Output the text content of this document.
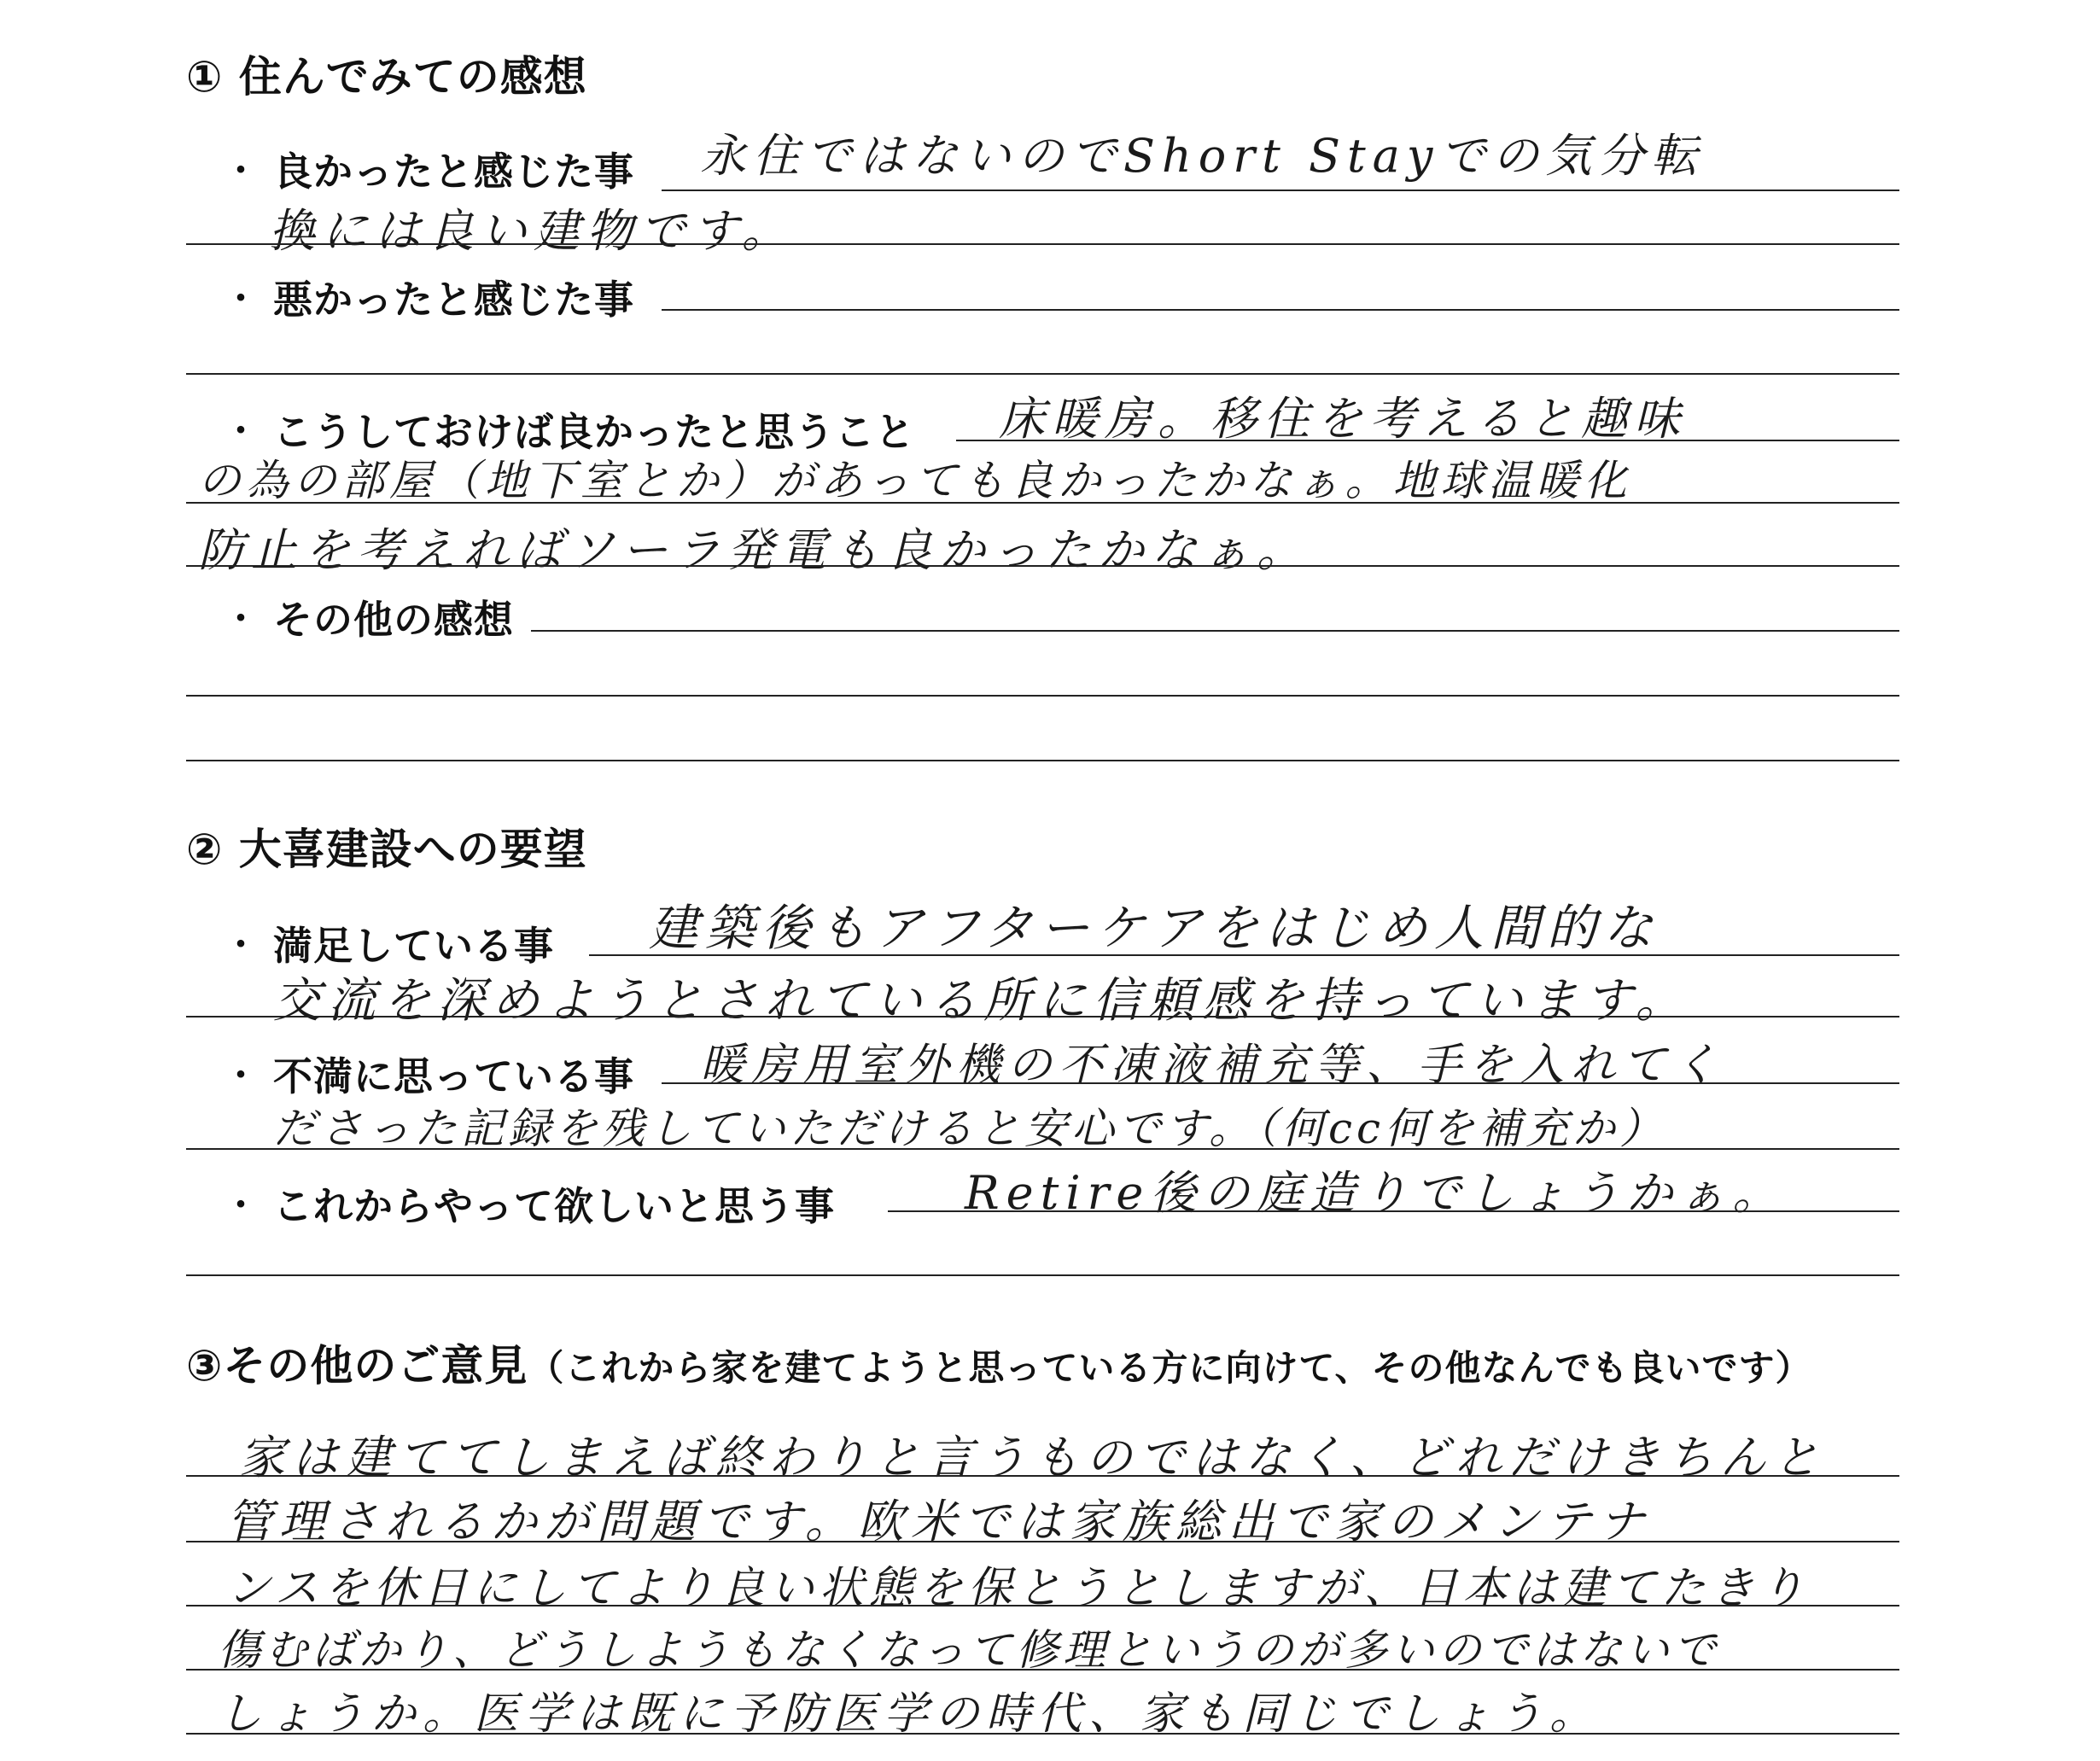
① 住んでみての感想
・ 良かったと感じた事 永住ではないのでShort Stayでの気分転
換には良い建物です。
・ 悪かったと感じた事
・ こうしておけば良かったと思うこと 床暖房。移住を考えると趣味
の為の部屋（地下室とか）があっても良かったかなぁ。地球温暖化
防止を考えればソーラ発電も良かったかなぁ。
・ その他の感想
② 大喜建設への要望
・ 満足している事 建築後もアフターケアをはじめ人間的な
交流を深めようとされている所に信頼感を持っています。
・ 不満に思っている事 暖房用室外機の不凍液補充等、手を入れてく
ださった記録を残していただけると安心です。（何cc何を補充か）
・ これからやって欲しいと思う事	Retire後の庭造りでしょうかぁ。
③その他のご意見（これから家を建てようと思っている方に向けて、その他なんでも良いです）
家は建ててしまえば終わりと言うものではなく、どれだけきちんと
管理されるかが問題です。欧米では家族総出で家のメンテナ
ンスを休日にしてより良い状態を保とうとしますが、日本は建てたきり
傷むばかり、どうしようもなくなって修理というのが多いのではないで
しょうか。医学は既に予防医学の時代、家も同じでしょう。
